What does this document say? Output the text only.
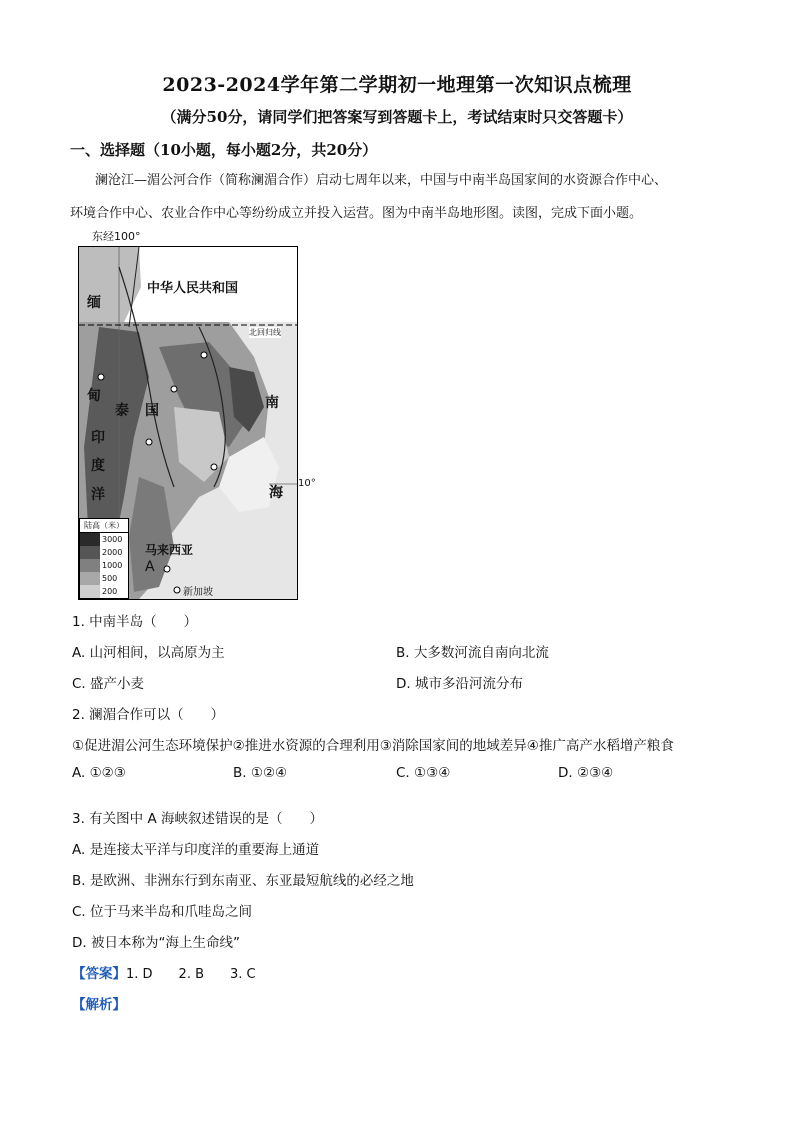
2023-2024学年第二学期初一地理第一次知识点梳理
（满分50分，请同学们把答案写到答题卡上，考试结束时只交答题卡）
一、选择题（10小题，每小题2分，共20分）
澜沧江—湄公河合作（简称澜湄合作）启动七周年以来，中国与中南半岛国家间的水资源合作中心、
环境合作中心、农业合作中心等纷纷成立并投入运营。图为中南半岛地形图。读图，完成下面小题。
东经100°
中华人民共和国
北回归线
缅
甸
泰 国	南
海
印
度
洋
马来西亚
A
新加坡
陆高（米）
3000
2000
1000
500
200
10°
1. 中南半岛（　　）
A. 山河相间，以高原为主	B. 大多数河流自南向北流
C. 盛产小麦	D. 城市多沿河流分布
2. 澜湄合作可以（　　）
①促进湄公河生态环境保护②推进水资源的合理利用③消除国家间的地域差异④推广高产水稻增产粮食
A. ①②③	B. ①②④	C. ①③④	D. ②③④
3. 有关图中 A 海峡叙述错误的是（　　）
A. 是连接太平洋与印度洋的重要海上通道
B. 是欧洲、非洲东行到东南亚、东亚最短航线的必经之地
C. 位于马来半岛和爪哇岛之间
D. 被日本称为“海上生命线”
【答案】1. D　　2. B　　3. C
【解析】
